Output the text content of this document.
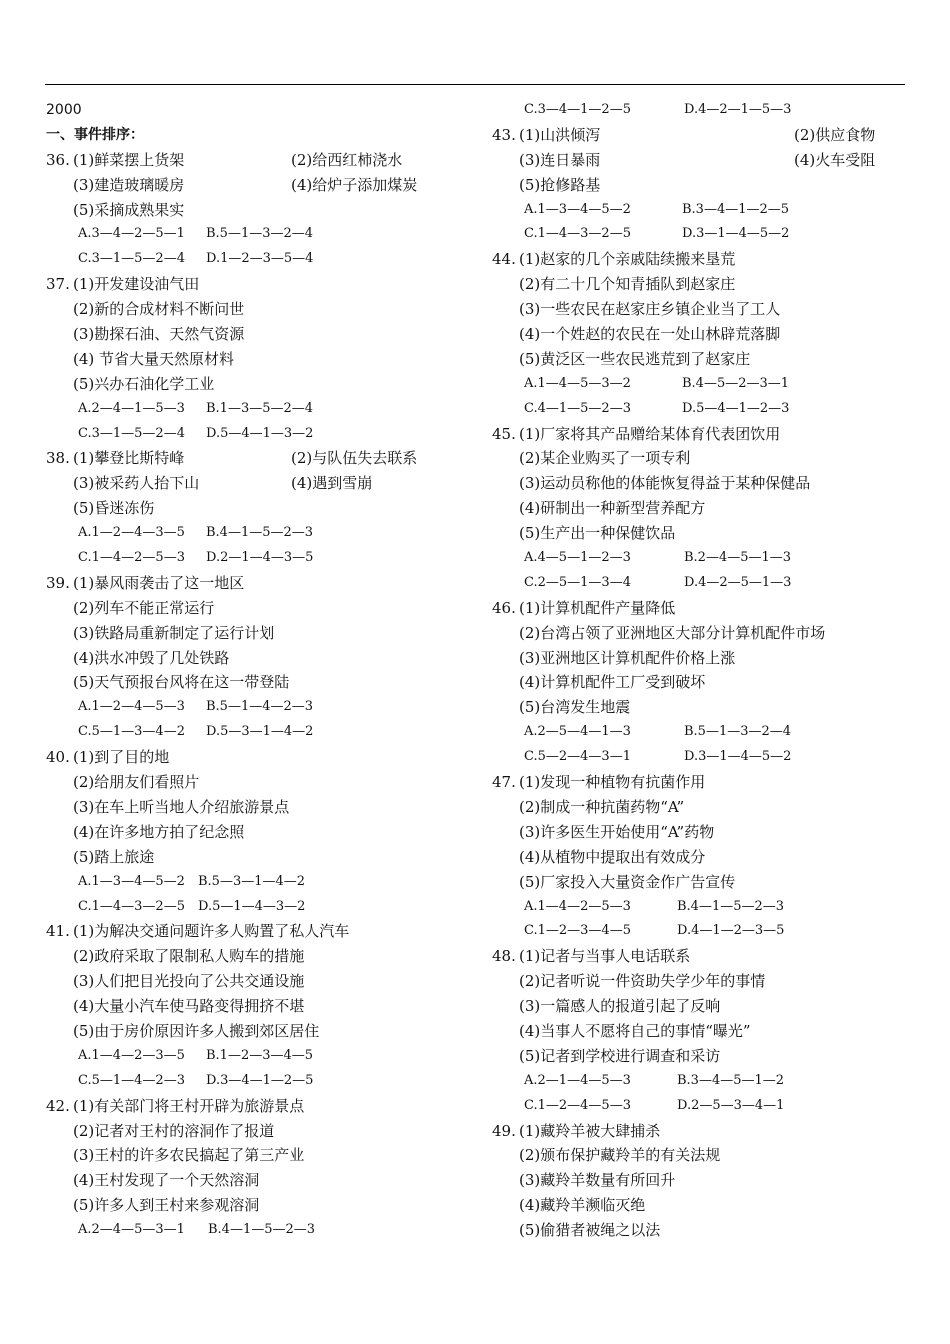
2000
一、事件排序：
36. (1)鲜菜摆上货架	(2)给西红柿浇水
(3)建造玻璃暖房	(4)给炉子添加煤炭
(5)采摘成熟果实
A.3—4—2—5—1 B.5—1—3—2—4
C.3—1—5—2—4 D.1—2—3—5—4
37. (1)开发建设油气田
(2)新的合成材料不断问世
(3)勘探石油、天然气资源
(4) 节省大量天然原材料
(5)兴办石油化学工业
A.2—4—1—5—3 B.1—3—5—2—4
C.3—1—5—2—4 D.5—4—1—3—2
38. (1)攀登比斯特峰	(2)与队伍失去联系
(3)被采药人抬下山	(4)遇到雪崩
(5)昏迷冻伤
A.1—2—4—3—5 B.4—1—5—2—3
C.1—4—2—5—3 D.2—1—4—3—5
39. (1)暴风雨袭击了这一地区
(2)列车不能正常运行
(3)铁路局重新制定了运行计划
(4)洪水冲毁了几处铁路
(5)天气预报台风将在这一带登陆
A.1—2—4—5—3 B.5—1—4—2—3
C.5—1—3—4—2 D.5—3—1—4—2
40. (1)到了目的地
(2)给朋友们看照片
(3)在车上听当地人介绍旅游景点
(4)在许多地方拍了纪念照
(5)踏上旅途
A.1—3—4—5—2 B.5—3—1—4—2
C.1—4—3—2—5 D.5—1—4—3—2
41. (1)为解决交通问题许多人购置了私人汽车
(2)政府采取了限制私人购车的措施
(3)人们把目光投向了公共交通设施
(4)大量小汽车使马路变得拥挤不堪
(5)由于房价原因许多人搬到郊区居住
A.1—4—2—3—5 B.1—2—3—4—5
C.5—1—4—2—3 D.3—4—1—2—5
42. (1)有关部门将王村开辟为旅游景点
(2)记者对王村的溶洞作了报道
(3)王村的许多农民搞起了第三产业
(4)王村发现了一个天然溶洞
(5)许多人到王村来参观溶洞
A.2—4—5—3—1 B.4—1—5—2—3
C.3—4—1—2—5	D.4—2—1—5—3
43. (1)山洪倾泻	(2)供应食物
(3)连日暴雨	(4)火车受阻
(5)抢修路基
A.1—3—4—5—2	B.3—4—1—2—5
C.1—4—3—2—5	D.3—1—4—5—2
44. (1)赵家的几个亲戚陆续搬来垦荒
(2)有二十几个知青插队到赵家庄
(3)一些农民在赵家庄乡镇企业当了工人
(4)一个姓赵的农民在一处山林辟荒落脚
(5)黄泛区一些农民逃荒到了赵家庄
A.1—4—5—3—2	B.4—5—2—3—1
C.4—1—5—2—3	D.5—4—1—2—3
45. (1)厂家将其产品赠给某体育代表团饮用
(2)某企业购买了一项专利
(3)运动员称他的体能恢复得益于某种保健品
(4)研制出一种新型营养配方
(5)生产出一种保健饮品
A.4—5—1—2—3	B.2—4—5—1—3
C.2—5—1—3—4	D.4—2—5—1—3
46. (1)计算机配件产量降低
(2)台湾占领了亚洲地区大部分计算机配件市场
(3)亚洲地区计算机配件价格上涨
(4)计算机配件工厂受到破坏
(5)台湾发生地震
A.2—5—4—1—3	B.5—1—3—2—4
C.5—2—4—3—1	D.3—1—4—5—2
47. (1)发现一种植物有抗菌作用
(2)制成一种抗菌药物“A”
(3)许多医生开始使用“A”药物
(4)从植物中提取出有效成分
(5)厂家投入大量资金作广告宣传
A.1—4—2—5—3	B.4—1—5—2—3
C.1—2—3—4—5	D.4—1—2—3—5
48. (1)记者与当事人电话联系
(2)记者听说一件资助失学少年的事情
(3)一篇感人的报道引起了反响
(4)当事人不愿将自己的事情“曝光”
(5)记者到学校进行调查和采访
A.2—1—4—5—3	B.3—4—5—1—2
C.1—2—4—5—3	D.2—5—3—4—1
49. (1)藏羚羊被大肆捕杀
(2)颁布保护藏羚羊的有关法规
(3)藏羚羊数量有所回升
(4)藏羚羊濒临灭绝
(5)偷猎者被绳之以法
